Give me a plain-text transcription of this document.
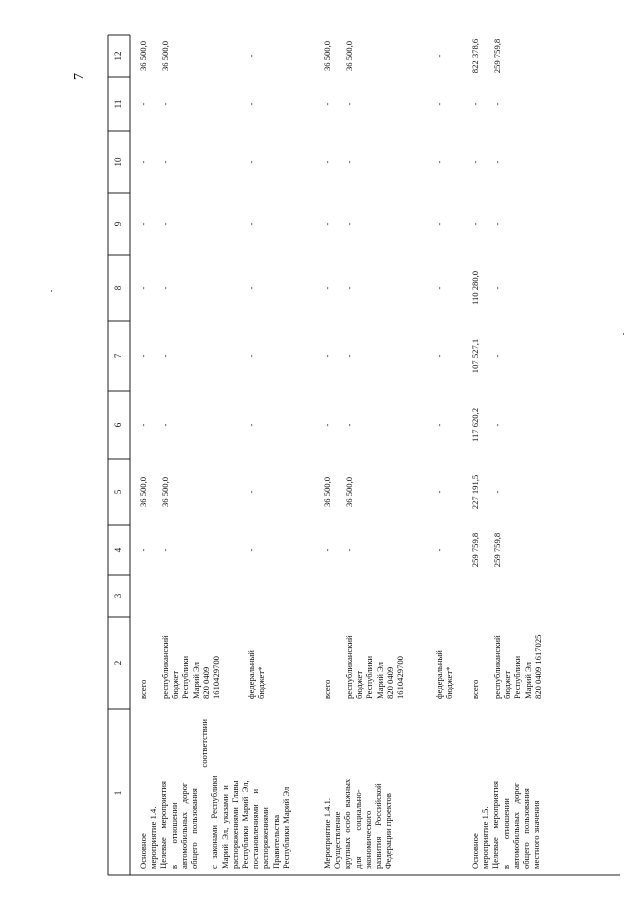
7
1
2
3
4
5
6
7
8
9
10
11
12
Основное мероприятие 1.4. Целевые    мероприятия в          отношении автомобильных    дорог общего    пользования
соответствии
с   законами   Республики Марий  Эл,  указами  и распоряжениями  Главы Республики  Марий  Эл, постановлениями     и распоряжениями Правительства Республики Марий Эл
всего
-
36 500,0
-
-
-
-
-
-
36 500,0
республиканский
бюджет
Республики
Марий Эл
820 0409
1610429700
-
36 500,0
-
-
-
-
-
-
36 500,0
федеральный
бюджет*
-
-
-
-
-
-
-
-
-
Мероприятие 1.4.1. Осуществление крупных  особо  важных для            социально- экономического развития     Российской Федерации проектов
всего
-
36 500,0
-
-
-
-
-
-
36 500,0
республиканский
бюджет
Республики
Марий Эл
820 0409
1610429700
-
36 500,0
-
-
-
-
-
-
36 500,0
федеральный
бюджет*
-
-
-
-
-
-
-
-
-
Основное мероприятие 1.5. Целевые    мероприятия в            отношении автомобильных    дорог общего    пользования местного значения
всего
259 759,8
227 191,5
117 620,2
107 527,1
110 280,0
-
-
-
822 378,6
республиканский
бюджет
Республики
Марий Эл
820 0409 1617025
259 759,8
-
-
-
-
-
-
-
259 759,8
